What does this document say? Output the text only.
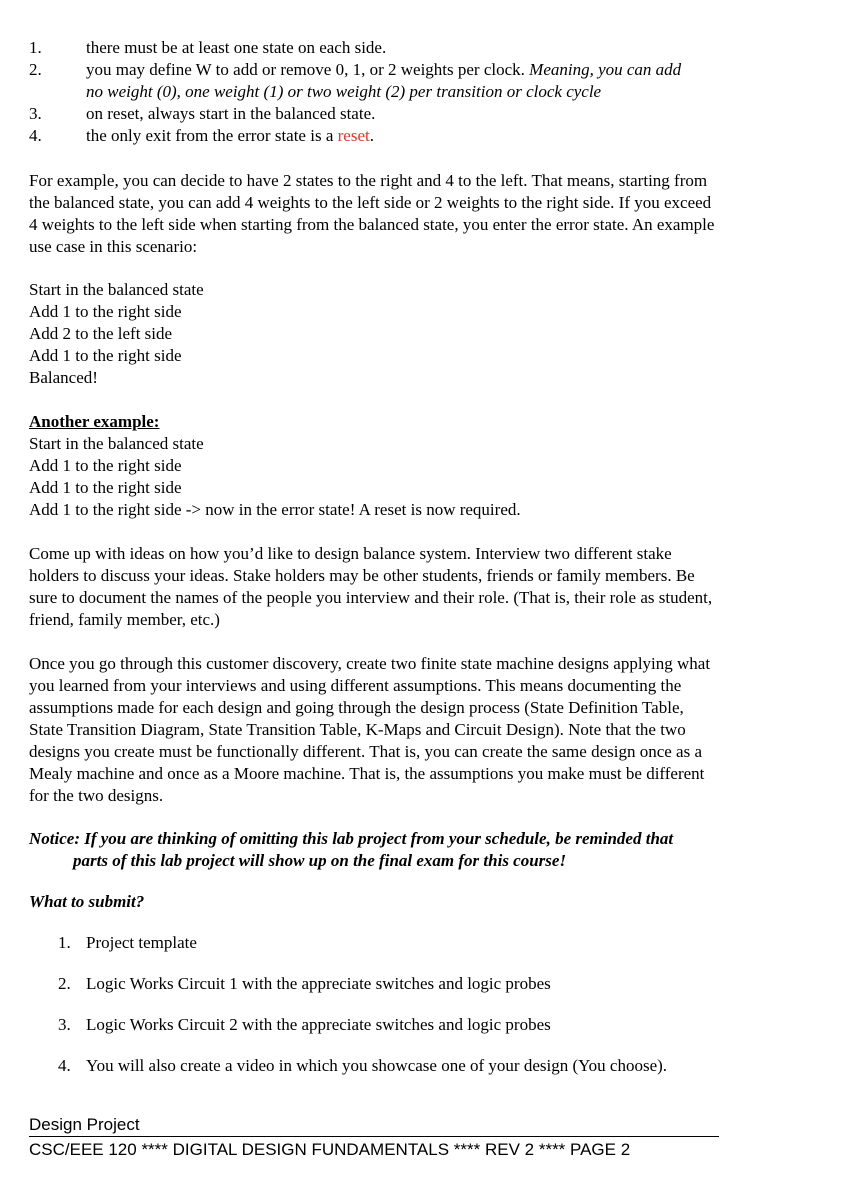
1.	there must be at least one state on each side.
2.	you may define W to add or remove 0, 1, or 2 weights per clock. Meaning, you can add
no weight (0), one weight (1) or two weight (2) per transition or clock cycle
3.	on reset, always start in the balanced state.
4.	the only exit from the error state is a reset.
For example, you can decide to have 2 states to the right and 4 to the left. That means, starting from
the balanced state, you can add 4 weights to the left side or 2 weights to the right side. If you exceed
4 weights to the left side when starting from the balanced state, you enter the error state. An example
use case in this scenario:
Start in the balanced state
Add 1 to the right side
Add 2 to the left side
Add 1 to the right side
Balanced!
Another example:
Start in the balanced state
Add 1 to the right side
Add 1 to the right side
Add 1 to the right side -> now in the error state! A reset is now required.
Come up with ideas on how you’d like to design balance system. Interview two different stake
holders to discuss your ideas. Stake holders may be other students, friends or family members. Be
sure to document the names of the people you interview and their role. (That is, their role as student,
friend, family member, etc.)
Once you go through this customer discovery, create two finite state machine designs applying what
you learned from your interviews and using different assumptions. This means documenting the
assumptions made for each design and going through the design process (State Definition Table,
State Transition Diagram, State Transition Table, K-Maps and Circuit Design). Note that the two
designs you create must be functionally different. That is, you can create the same design once as a
Mealy machine and once as a Moore machine. That is, the assumptions you make must be different
for the two designs.
Notice: If you are thinking of omitting this lab project from your schedule, be reminded that
parts of this lab project will show up on the final exam for this course!
What to submit?
1. Project template
2. Logic Works Circuit 1 with the appreciate switches and logic probes
3. Logic Works Circuit 2 with the appreciate switches and logic probes
4. You will also create a video in which you showcase one of your design (You choose).
Design Project
CSC/EEE 120 **** DIGITAL DESIGN FUNDAMENTALS **** REV 2 **** PAGE 2
